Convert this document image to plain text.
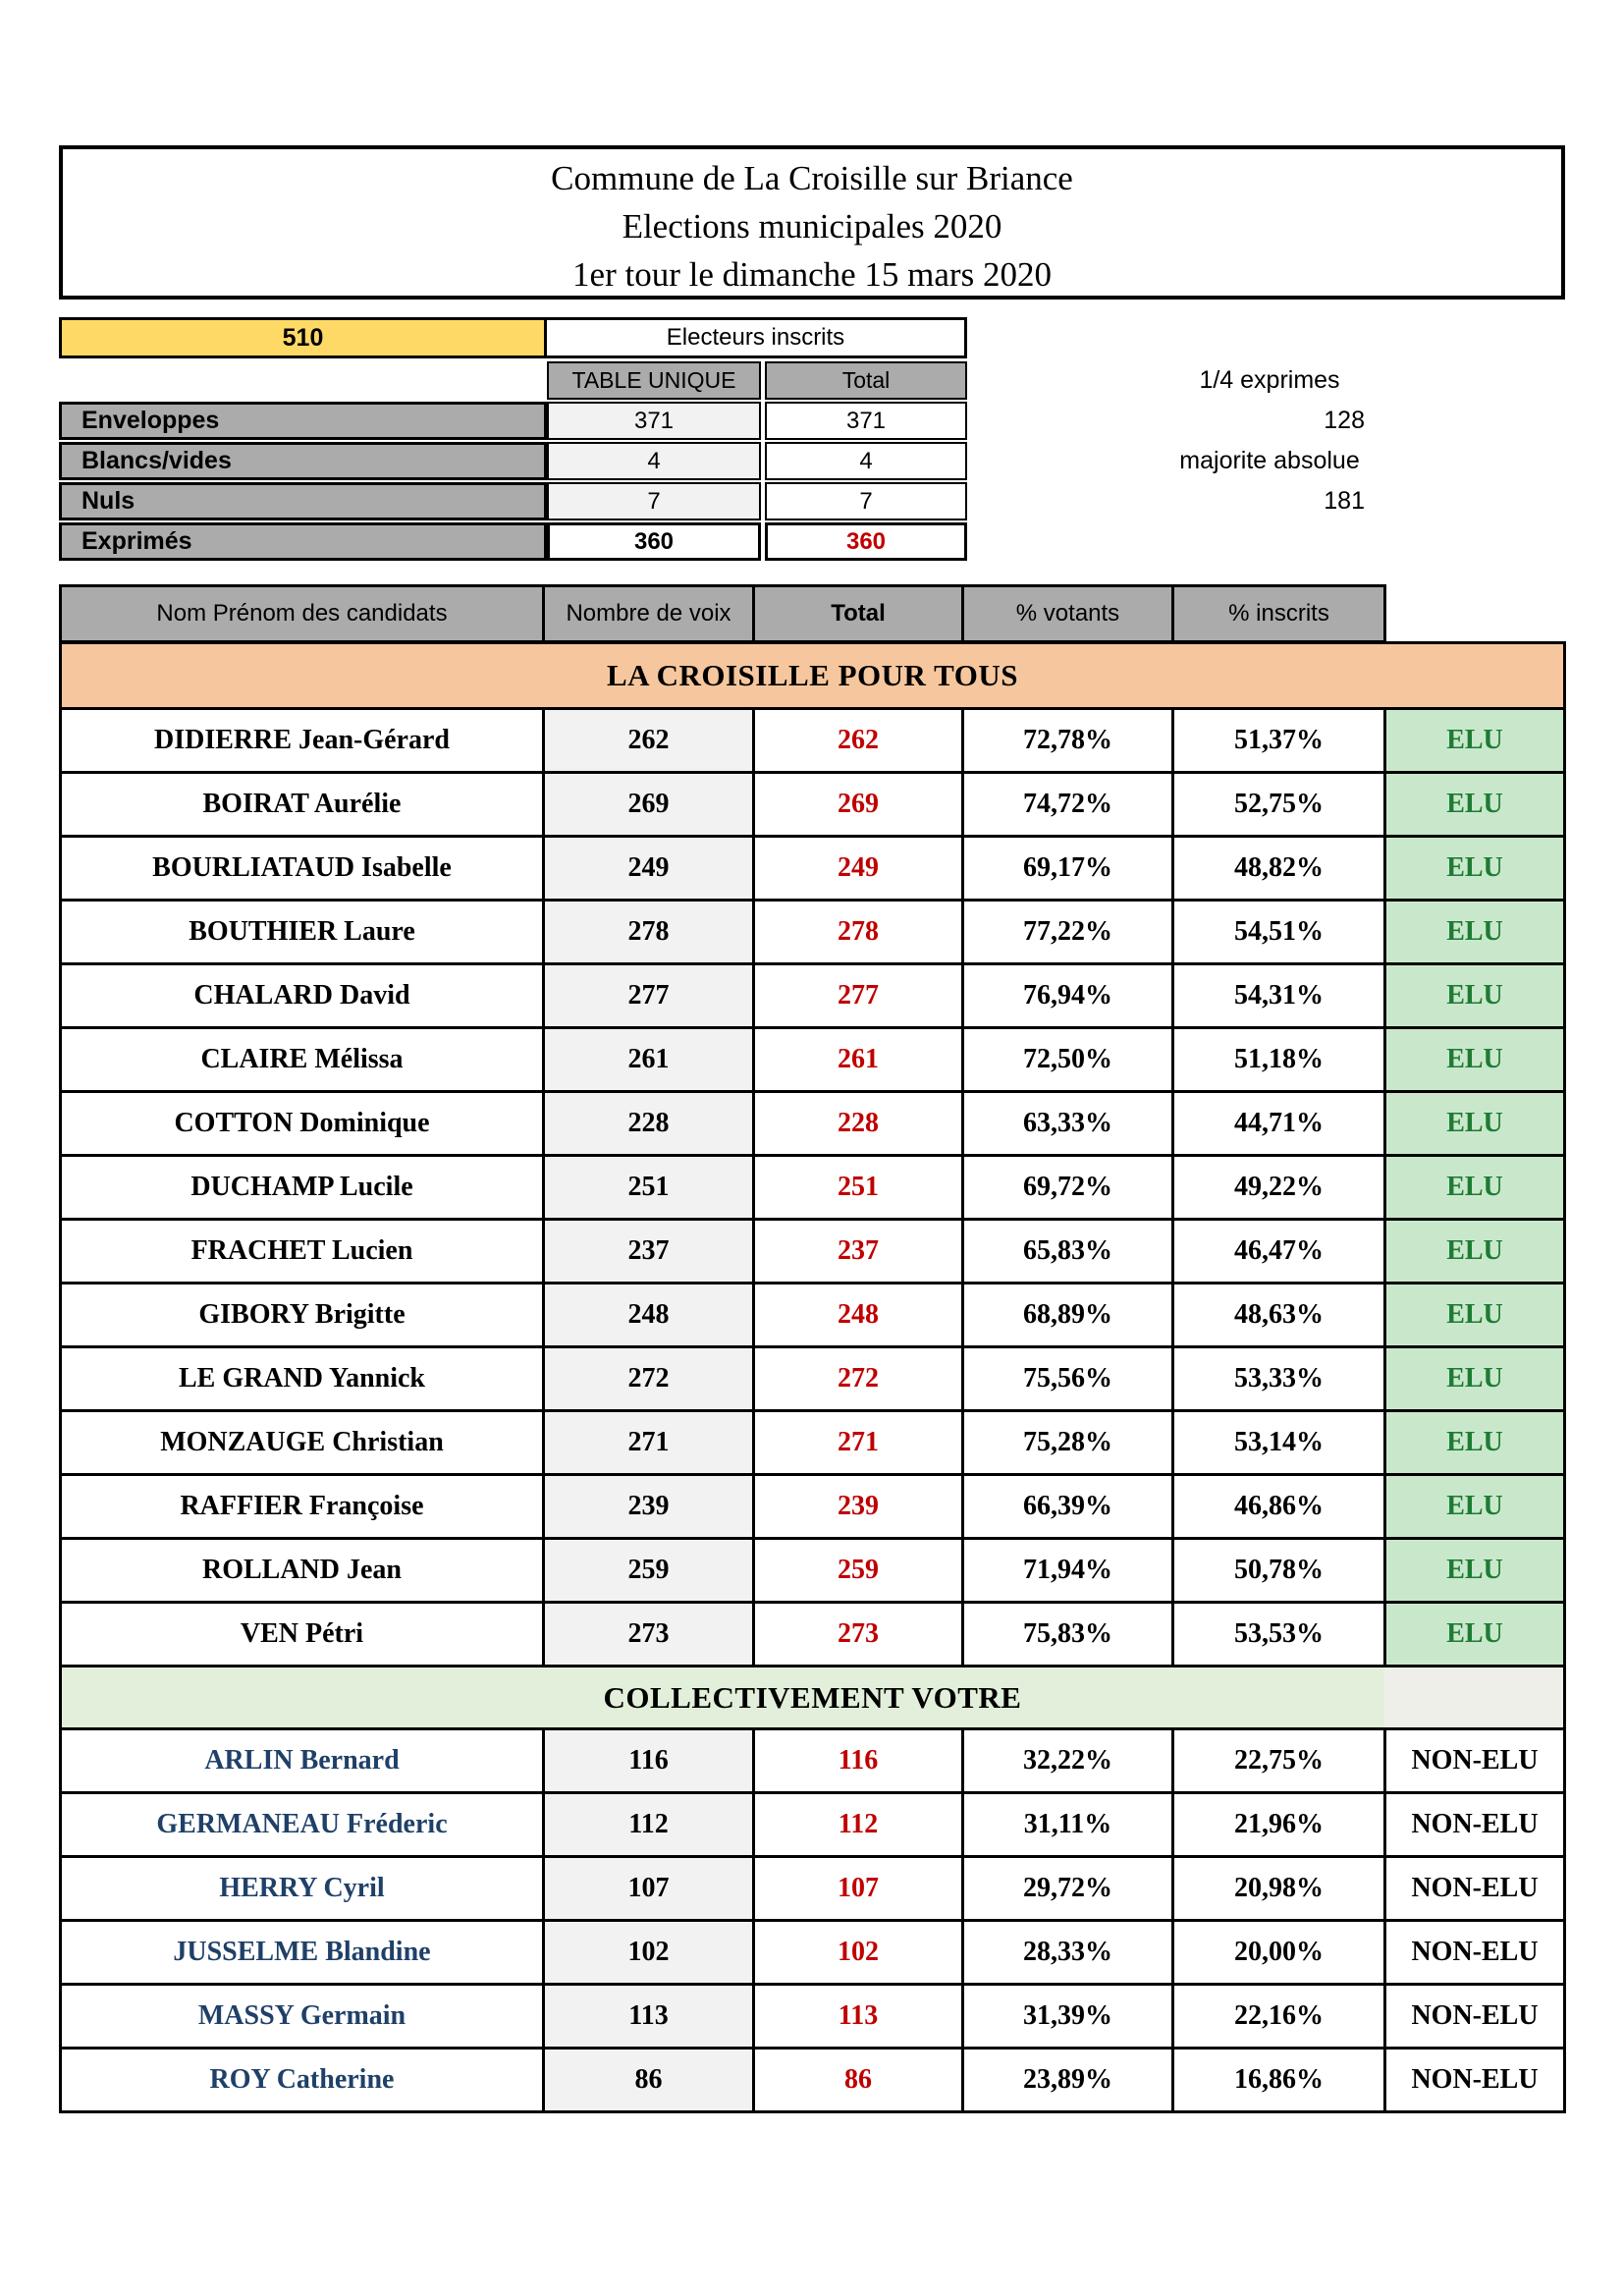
Commune de La Croisille sur Briance
Elections municipales 2020
1er tour le dimanche 15 mars 2020
510	Electeurs inscrits
TABLE UNIQUE	Total
Enveloppes	371	371
Blancs/vides	4	4
Nuls	7	7
Exprimés	360	360
1/4 exprimes
128
majorite absolue
181
Nom Prénom des candidats	Nombre de voix	Total	% votants	% inscrits	
LA CROISILLE POUR TOUS					
DIDIERRE Jean-Gérard	262	262	72,78%	51,37%	ELU
BOIRAT Aurélie	269	269	74,72%	52,75%	ELU
BOURLIATAUD Isabelle	249	249	69,17%	48,82%	ELU
BOUTHIER Laure	278	278	77,22%	54,51%	ELU
CHALARD David	277	277	76,94%	54,31%	ELU
CLAIRE Mélissa	261	261	72,50%	51,18%	ELU
COTTON Dominique	228	228	63,33%	44,71%	ELU
DUCHAMP Lucile	251	251	69,72%	49,22%	ELU
FRACHET Lucien	237	237	65,83%	46,47%	ELU
GIBORY Brigitte	248	248	68,89%	48,63%	ELU
LE GRAND Yannick	272	272	75,56%	53,33%	ELU
MONZAUGE Christian	271	271	75,28%	53,14%	ELU
RAFFIER Françoise	239	239	66,39%	46,86%	ELU
ROLLAND Jean	259	259	71,94%	50,78%	ELU
VEN Pétri	273	273	75,83%	53,53%	ELU
COLLECTIVEMENT VOTRE					
ARLIN Bernard	116	116	32,22%	22,75%	NON-ELU
GERMANEAU Fréderic	112	112	31,11%	21,96%	NON-ELU
HERRY Cyril	107	107	29,72%	20,98%	NON-ELU
JUSSELME Blandine	102	102	28,33%	20,00%	NON-ELU
MASSY Germain	113	113	31,39%	22,16%	NON-ELU
ROY Catherine	86	86	23,89%	16,86%	NON-ELU
